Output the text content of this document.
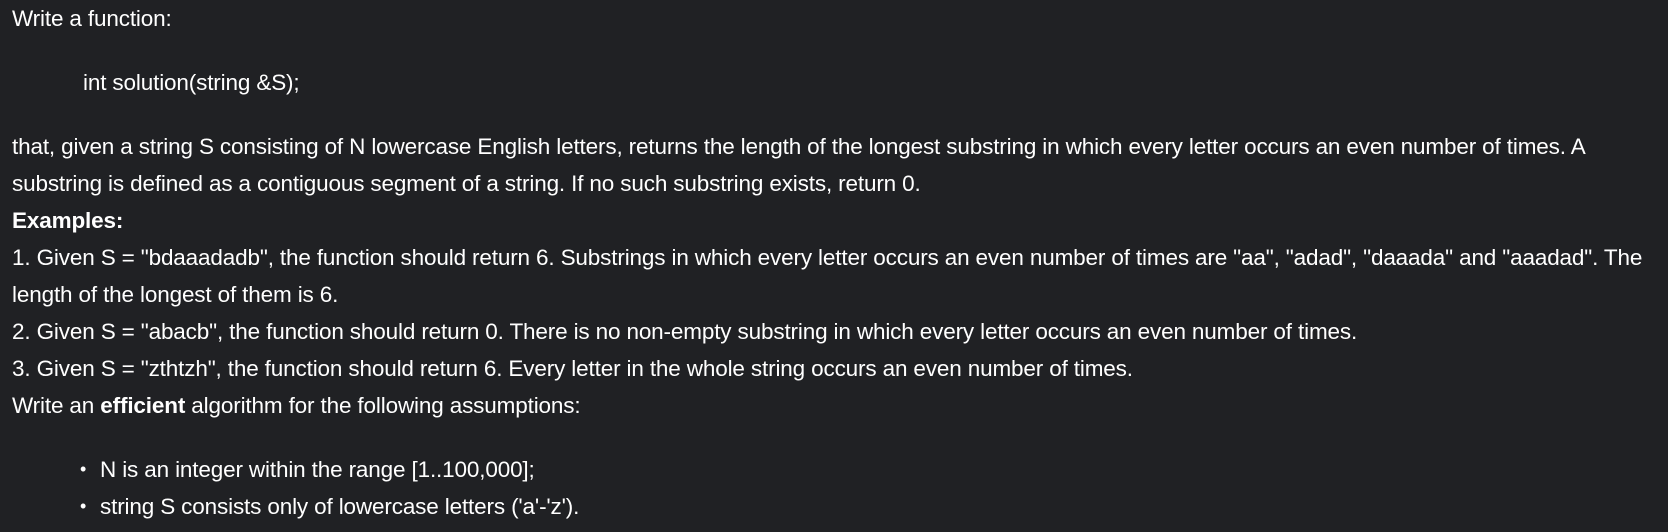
Write a function:

int solution(string &S);

that, given a string S consisting of N lowercase English letters, returns the length of the longest substring in which every letter occurs an even number of times. A substring is defined as a contiguous segment of a string. If no such substring exists, return 0.

Examples:

1. Given S = "bdaaadadb", the function should return 6. Substrings in which every letter occurs an even number of times are "aa", "adad", "daaada" and "aaadad". The length of the longest of them is 6.

2. Given S = "abacb", the function should return 0. There is no non-empty substring in which every letter occurs an even number of times.

3. Given S = "zthtzh", the function should return 6. Every letter in the whole string occurs an even number of times.

Write an efficient algorithm for the following assumptions:

• N is an integer within the range [1..100,000];
• string S consists only of lowercase letters ('a'-'z').
